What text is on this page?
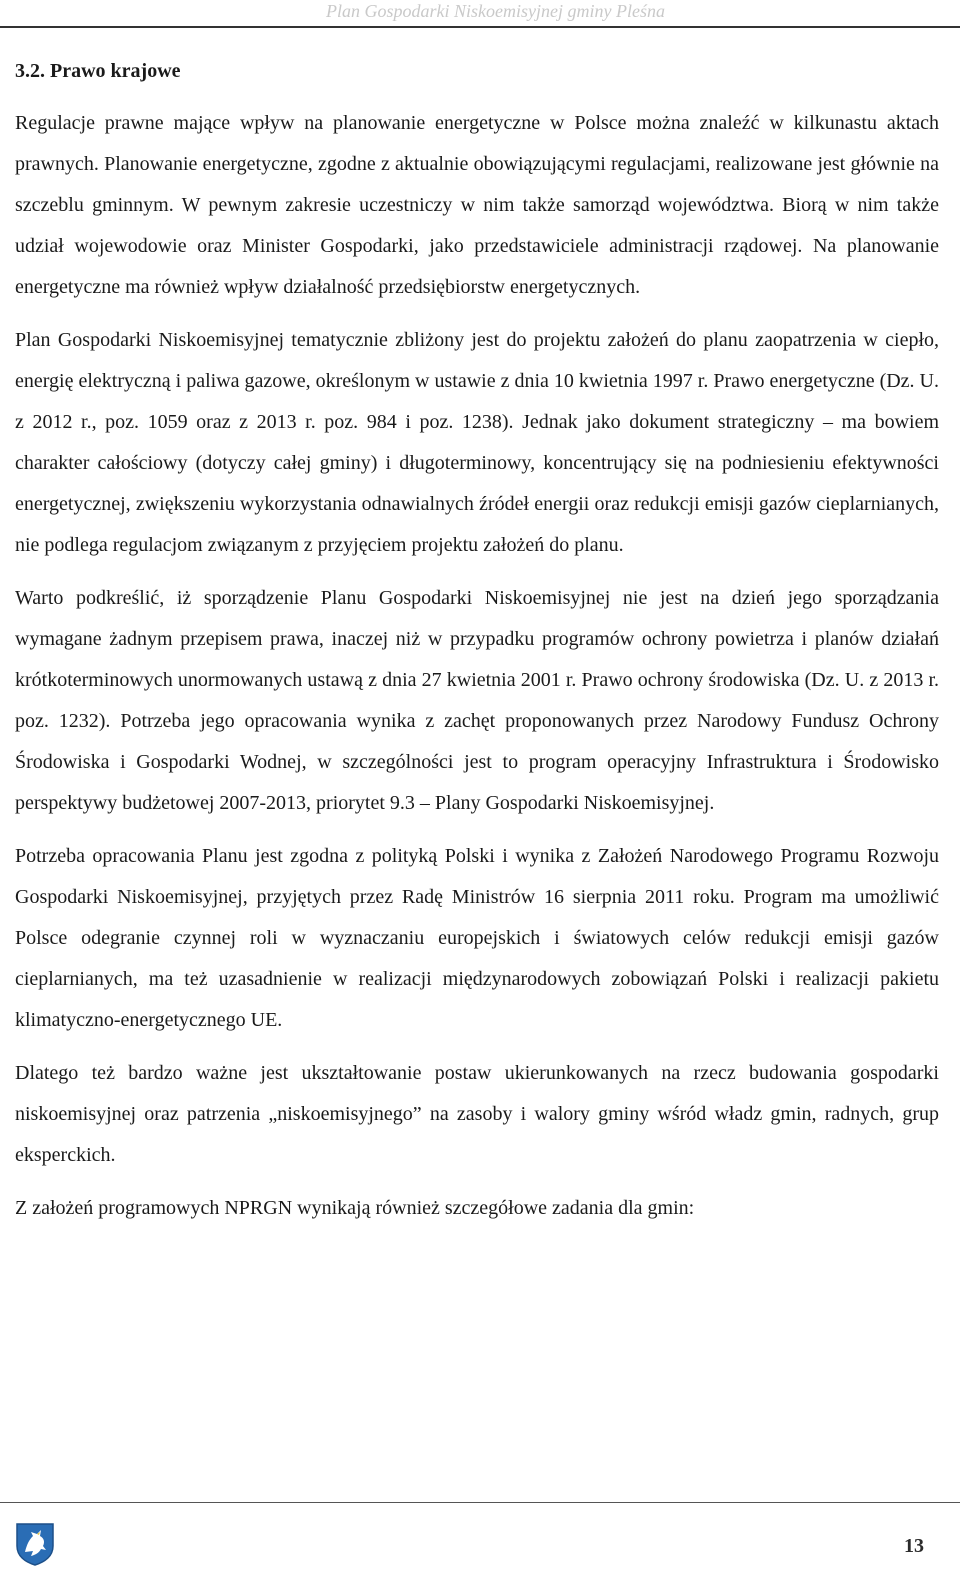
Plan Gospodarki Niskoemisyjnej gminy Pleśna
3.2. Prawo krajowe

Regulacje prawne mające wpływ na planowanie energetyczne w Polsce można znaleźć w kilkunastu aktach prawnych. Planowanie energetyczne, zgodne z aktualnie obowiązującymi regulacjami, realizowane jest głównie na szczeblu gminnym. W pewnym zakresie uczestniczy w nim także samorząd województwa. Biorą w nim także udział wojewodowie oraz Minister Gospodarki, jako przedstawiciele administracji rządowej. Na planowanie energetyczne ma również wpływ działalność przedsiębiorstw energetycznych.

Plan Gospodarki Niskoemisyjnej tematycznie zbliżony jest do projektu założeń do planu zaopatrzenia w ciepło, energię elektryczną i paliwa gazowe, określonym w ustawie z dnia 10 kwietnia 1997 r. Prawo energetyczne (Dz. U. z 2012 r., poz. 1059 oraz z 2013 r. poz. 984 i poz. 1238). Jednak jako dokument strategiczny – ma bowiem charakter całościowy (dotyczy całej gminy) i długoterminowy, koncentrujący się na podniesieniu efektywności energetycznej, zwiększeniu wykorzystania odnawialnych źródeł energii oraz redukcji emisji gazów cieplarnianych, nie podlega regulacjom związanym z przyjęciem projektu założeń do planu.

Warto podkreślić, iż sporządzenie Planu Gospodarki Niskoemisyjnej nie jest na dzień jego sporządzania wymagane żadnym przepisem prawa, inaczej niż w przypadku programów ochrony powietrza i planów działań krótkoterminowych unormowanych ustawą z dnia 27 kwietnia 2001 r. Prawo ochrony środowiska (Dz. U. z 2013 r. poz. 1232). Potrzeba jego opracowania wynika z zachęt proponowanych przez Narodowy Fundusz Ochrony Środowiska i Gospodarki Wodnej, w szczególności jest to program operacyjny Infrastruktura i Środowisko perspektywy budżetowej 2007-2013, priorytet 9.3 – Plany Gospodarki Niskoemisyjnej.

Potrzeba opracowania Planu jest zgodna z polityką Polski i wynika z Założeń Narodowego Programu Rozwoju Gospodarki Niskoemisyjnej, przyjętych przez Radę Ministrów 16 sierpnia 2011 roku. Program ma umożliwić Polsce odegranie czynnej roli w wyznaczaniu europejskich i światowych celów redukcji emisji gazów cieplarnianych, ma też uzasadnienie w realizacji międzynarodowych zobowiązań Polski i realizacji pakietu klimatyczno-energetycznego UE.

Dlatego też bardzo ważne jest ukształtowanie postaw ukierunkowanych na rzecz budowania gospodarki niskoemisyjnej oraz patrzenia „niskoemisyjnego” na zasoby i walory gminy wśród władz gmin, radnych, grup eksperckich.

Z założeń programowych NPRGN wynikają również szczegółowe zadania dla gmin:

13
